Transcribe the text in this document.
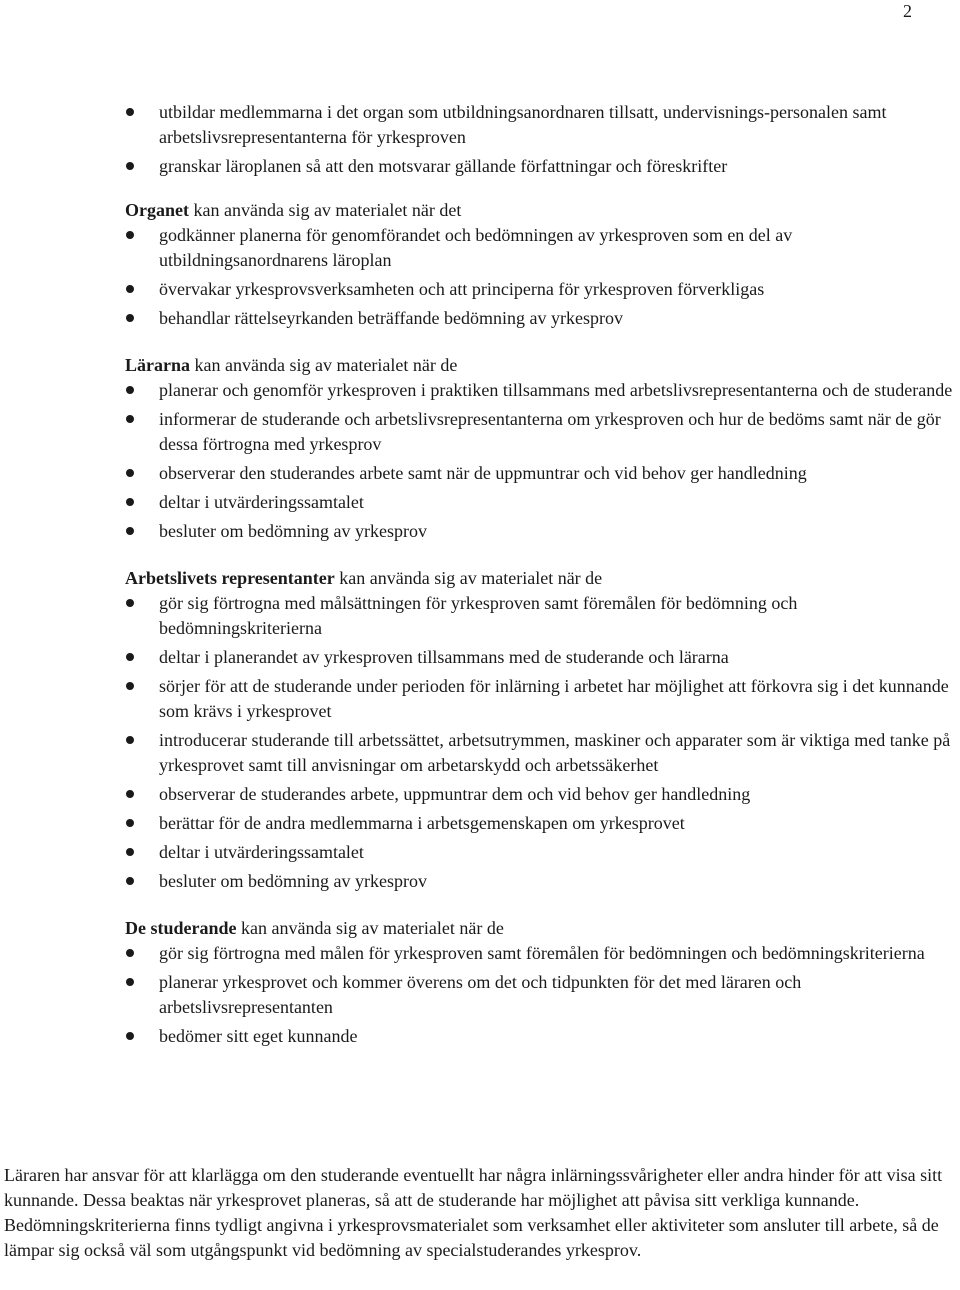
2
utbildar medlemmarna i det organ som utbildningsanordnaren tillsatt, undervisnings-personalen samt arbetslivsrepresentanterna för yrkesproven
granskar läroplanen så att den motsvarar gällande författningar och föreskrifter

Organet kan använda sig av materialet när det

godkänner planerna för genomförandet och bedömningen av yrkesproven som en del av utbildningsanordnarens läroplan
övervakar yrkesprovsverksamheten och att principerna för yrkesproven förverkligas
behandlar rättelseyrkanden beträffande bedömning av yrkesprov

Lärarna kan använda sig av materialet när de

planerar och genomför yrkesproven i praktiken tillsammans med arbetslivsrepresentanterna och de studerande
informerar de studerande och arbetslivsrepresentanterna om yrkesproven och hur de bedöms samt när de gör dessa förtrogna med yrkesprov
observerar den studerandes arbete samt när de uppmuntrar och vid behov ger handledning
deltar i utvärderingssamtalet
besluter om bedömning av yrkesprov

Arbetslivets representanter kan använda sig av materialet när de

gör sig förtrogna med målsättningen för yrkesproven samt föremålen för bedömning och bedömningskriterierna
deltar i planerandet av yrkesproven tillsammans med de studerande och lärarna
sörjer för att de studerande under perioden för inlärning i arbetet har möjlighet att förkovra sig i det kunnande som krävs i yrkesprovet
introducerar studerande till arbetssättet, arbetsutrymmen, maskiner och apparater som är viktiga med tanke på yrkesprovet samt till anvisningar om arbetarskydd och arbetssäkerhet
observerar de studerandes arbete, uppmuntrar dem och vid behov ger handledning
berättar för de andra medlemmarna i arbetsgemenskapen om yrkesprovet
deltar i utvärderingssamtalet
besluter om bedömning av yrkesprov

De studerande kan använda sig av materialet när de

gör sig förtrogna med målen för yrkesproven samt föremålen för bedömningen och bedömningskriterierna
planerar yrkesprovet och kommer överens om det och tidpunkten för det med läraren och arbetslivsrepresentanten
bedömer sitt eget kunnande

Läraren har ansvar för att klarlägga om den studerande eventuellt har några inlärningssvårigheter eller andra hinder för att visa sitt kunnande. Dessa beaktas när yrkesprovet planeras, så att de studerande har möjlighet att påvisa sitt verkliga kunnande. Bedömningskriterierna finns tydligt angivna i yrkesprovsmaterialet som verksamhet eller aktiviteter som ansluter till arbete, så de lämpar sig också väl som utgångspunkt vid bedömning av specialstuderandes yrkesprov.
